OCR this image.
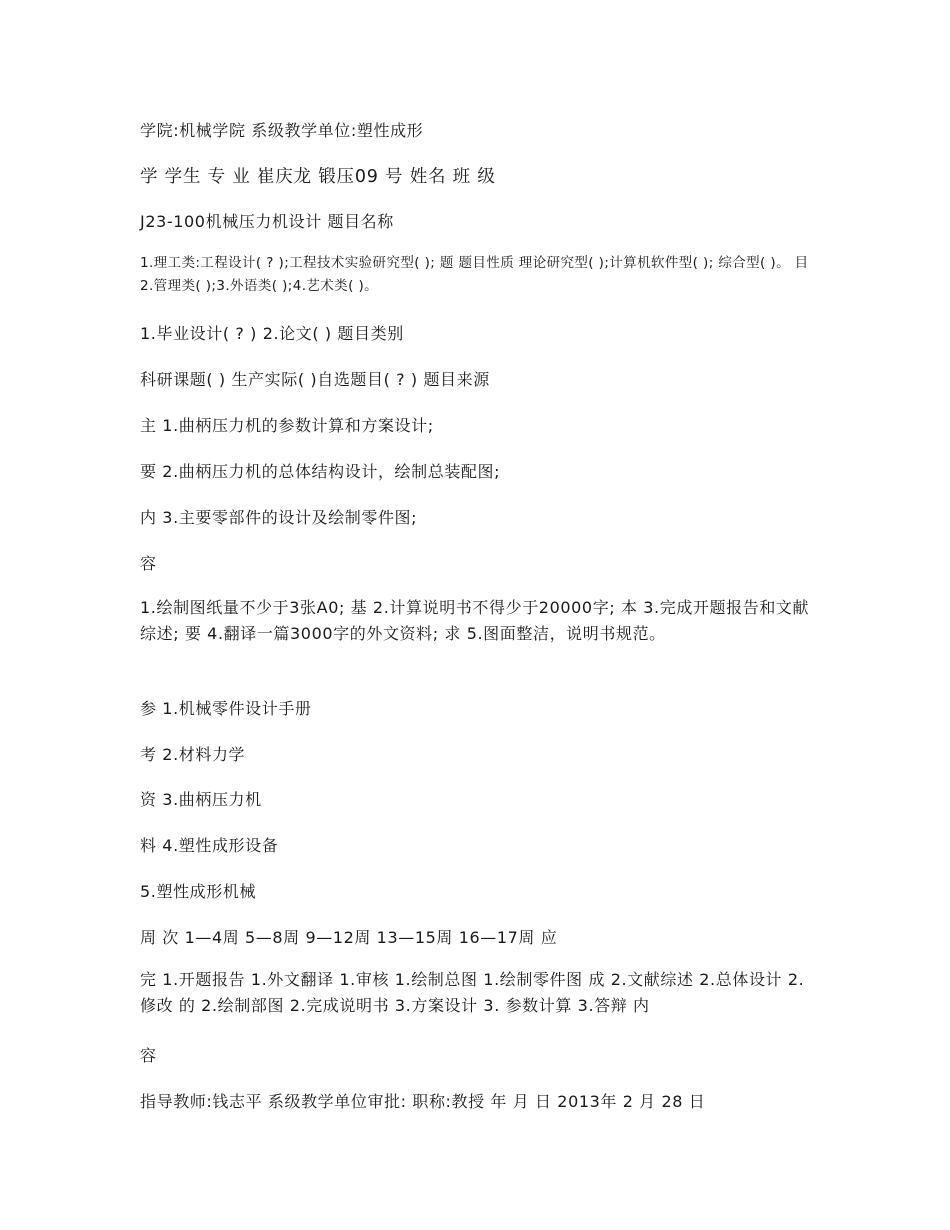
学院:机械学院 系级教学单位:塑性成形
学 学生 专 业 崔庆龙 锻压09 号 姓名 班 级
J23-100机械压力机设计 题目名称
1.理工类:工程设计( ? );工程技术实验研究型( ); 题 题目性质 理论研究型( );计算机软件型( ); 综合型( )。 目 2.管理类( );3.外语类( );4.艺术类( )。
1.毕业设计( ? ) 2.论文( ) 题目类别
科研课题( ) 生产实际( )自选题目( ? ) 题目来源
主 1.曲柄压力机的参数计算和方案设计;
要 2.曲柄压力机的总体结构设计，绘制总装配图;
内 3.主要零部件的设计及绘制零件图;
容
1.绘制图纸量不少于3张A0; 基 2.计算说明书不得少于20000字; 本 3.完成开题报告和文献综述; 要 4.翻译一篇3000字的外文资料; 求 5.图面整洁，说明书规范。
参 1.机械零件设计手册
考 2.材料力学
资 3.曲柄压力机
料 4.塑性成形设备
5.塑性成形机械
周 次 1—4周 5—8周 9—12周 13—15周 16—17周 应
完 1.开题报告 1.外文翻译 1.审核 1.绘制总图 1.绘制零件图 成 2.文献综述 2.总体设计 2.修改 的 2.绘制部图 2.完成说明书 3.方案设计 3. 参数计算 3.答辩 内
容
指导教师:钱志平 系级教学单位审批: 职称:教授 年 月 日 2013年 2 月 28 日
